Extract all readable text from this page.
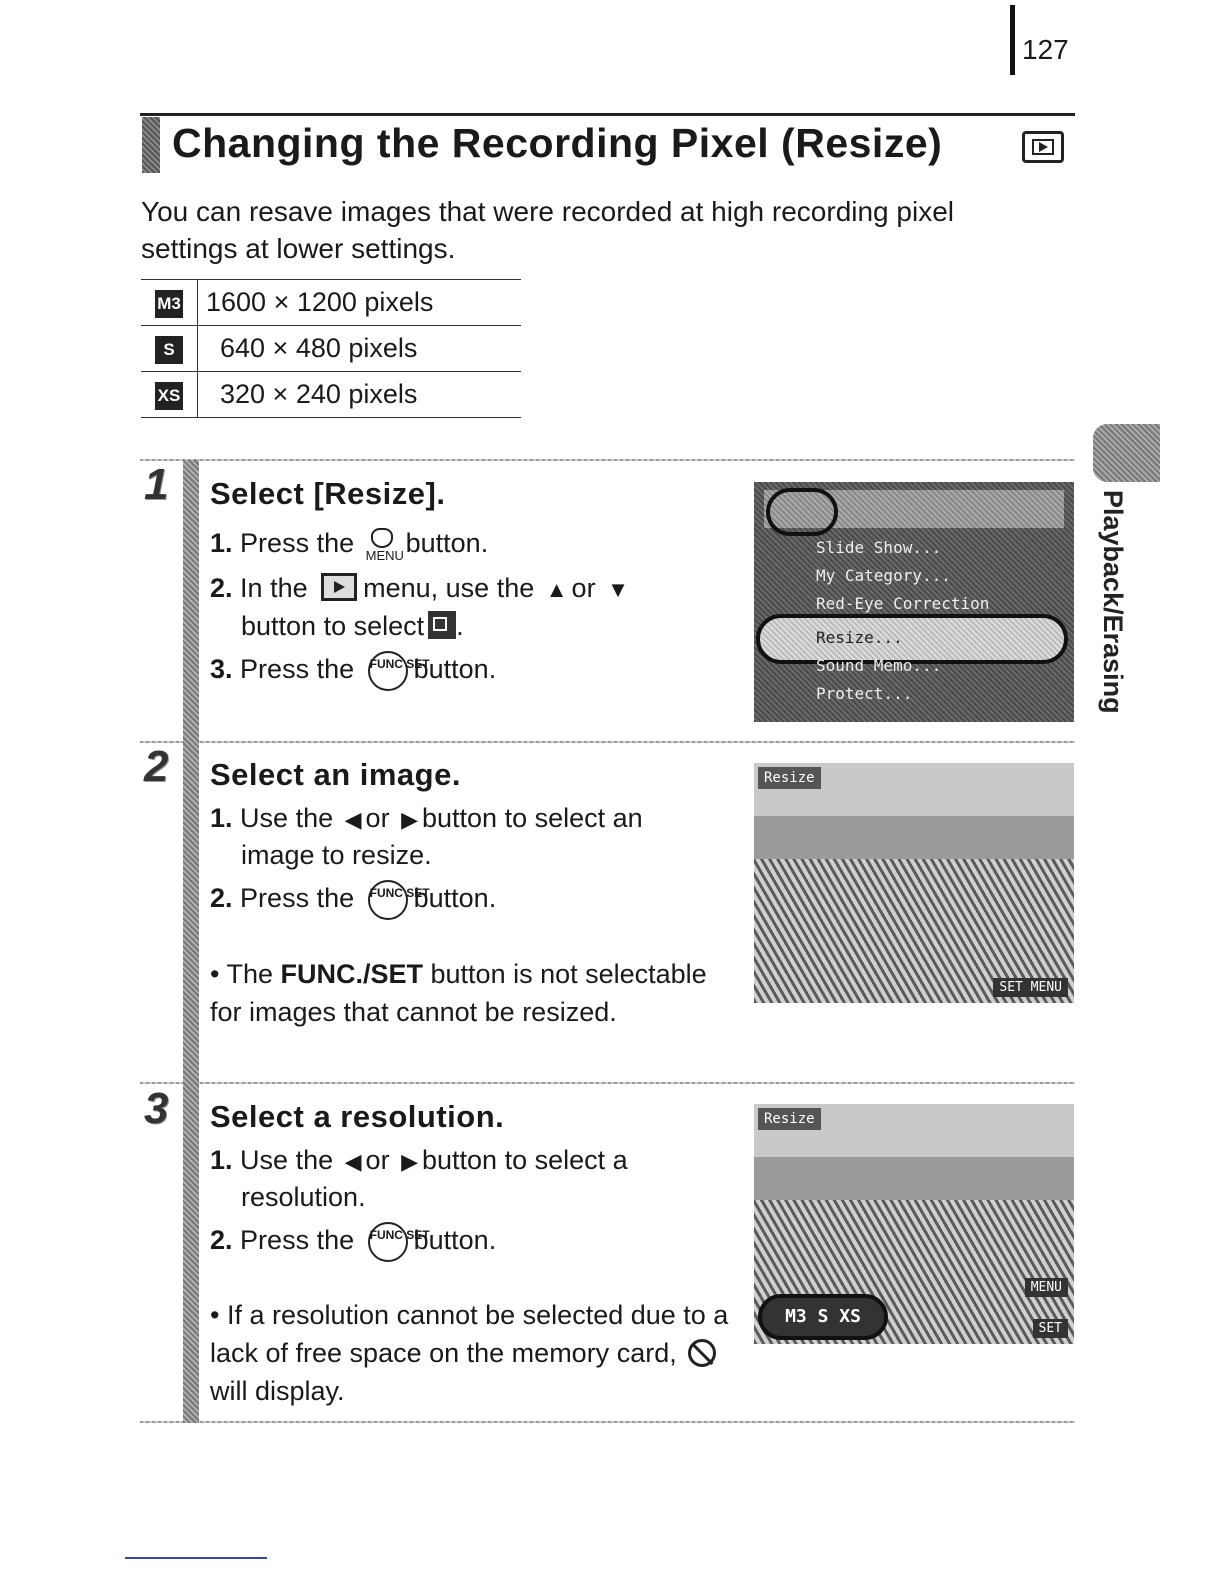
127
Changing the Recording Pixel (Resize)
You can resave images that were recorded at high recording pixel settings at lower settings.
M3	1600 × 1200 pixels
S	640 × 480 pixels
XS	320 × 240 pixels
Playback/Erasing
1 Select [Resize].
1. Press the MENU button.
2. In the menu, use the ▲ or ▼
button to select .
3. Press the FUNC SETbutton.
Slide Show...
My Category...
Red-Eye Correction
Resize...
Sound Memo...
Protect...
2 Select an image.
1. Use the ◀ or ▶ button to select an
image to resize.
2. Press the FUNC SETbutton.
• The FUNC./SET button is not selectable for images that cannot be resized.
Resize
SET MENU
3 Select a resolution.
1. Use the ◀ or ▶ button to select a
resolution.
2. Press the FUNC SETbutton.
• If a resolution cannot be selected due to a lack of free space on the memory card,  will display.
Resize
MENU
SET
M3 S XS
